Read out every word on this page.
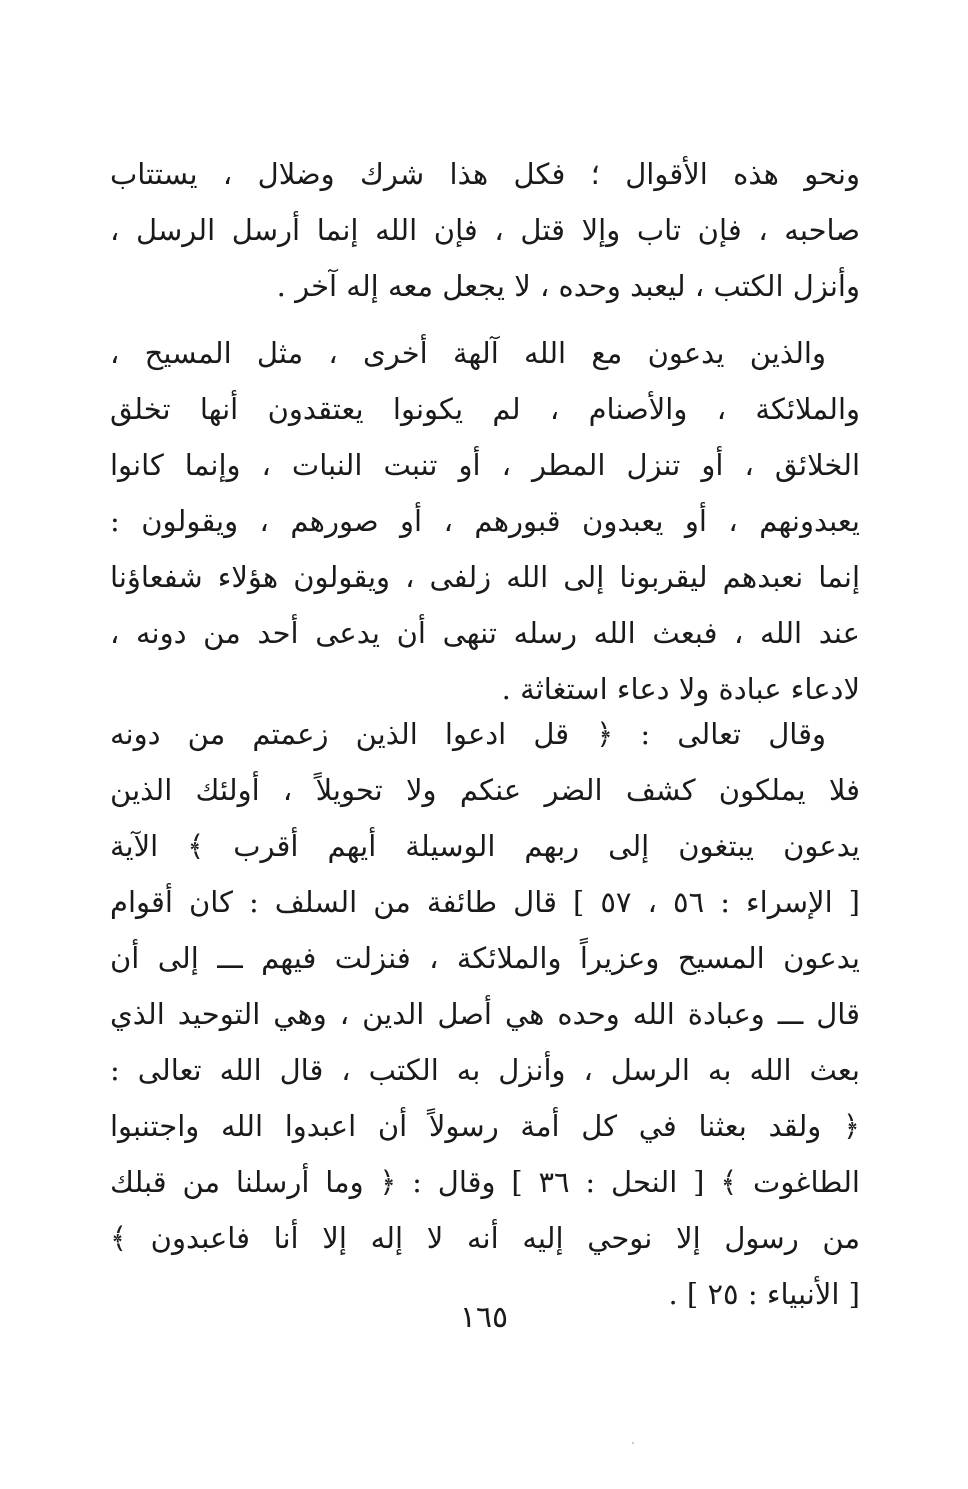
ونحو هذه الأقوال ؛ فكل هذا شرك وضلال ، يستتاب
صاحبه ، فإن تاب وإلا قتل ، فإن الله إنما أرسل الرسل ،
وأنزل الكتب ، ليعبد وحده ، لا يجعل معه إله آخر .
والذين يدعون مع الله آلهة أخرى ، مثل المسيح ،
والملائكة ، والأصنام ، لم يكونوا يعتقدون أنها تخلق
الخلائق ، أو تنزل المطر ، أو تنبت النبات ، وإنما كانوا
يعبدونهم ، أو يعبدون قبورهم ، أو صورهم ، ويقولون :
إنما نعبدهم ليقربونا إلى الله زلفى ، ويقولون هؤلاء شفعاؤنا
عند الله ، فبعث الله رسله تنهى أن يدعى أحد من دونه ،
لادعاء عبادة ولا دعاء استغاثة .
وقال تعالى : ﴿ قل ادعوا الذين زعمتم من دونه
فلا يملكون كشف الضر عنكم ولا تحويلاً ، أولئك الذين
يدعون يبتغون إلى ربهم الوسيلة أيهم أقرب ﴾ الآية
[ الإسراء : ٥٦ ، ٥٧ ] قال طائفة من السلف : كان أقوام
يدعون المسيح وعزيراً والملائكة ، فنزلت فيهم ـــ إلى أن
قال ـــ وعبادة الله وحده هي أصل الدين ، وهي التوحيد الذي
بعث الله به الرسل ، وأنزل به الكتب ، قال الله تعالى :
﴿ ولقد بعثنا في كل أمة رسولاً أن اعبدوا الله واجتنبوا
الطاغوت ﴾ [ النحل : ٣٦ ] وقال : ﴿ وما أرسلنا من قبلك
من رسول إلا نوحي إليه أنه لا إله إلا أنا فاعبدون ﴾
[ الأنبياء : ٢٥ ] .
١٦٥
